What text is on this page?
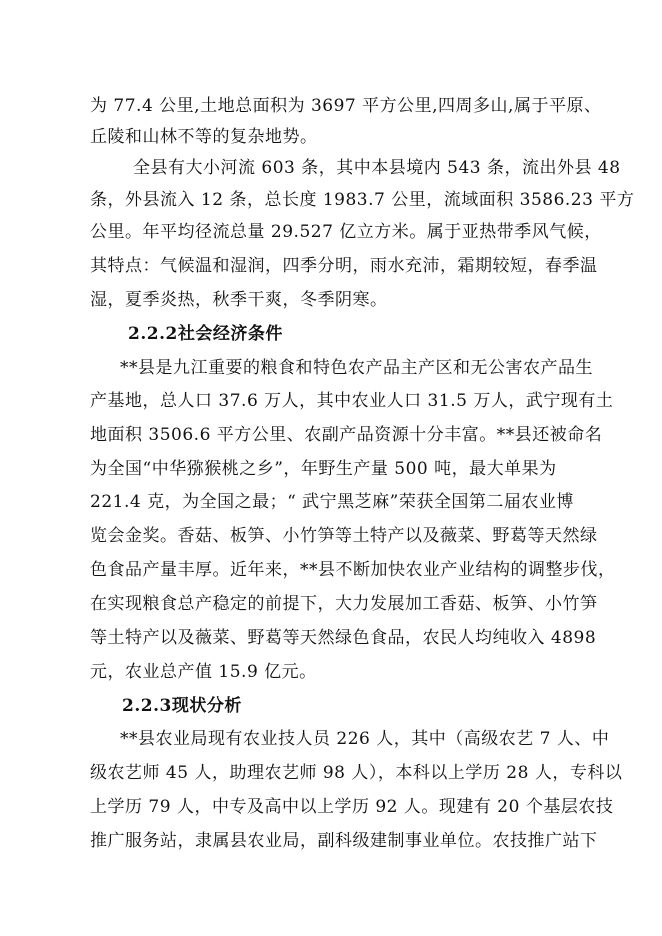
为 77.4 公里,土地总面积为 3697 平方公里,四周多山,属于平原、
丘陵和山林不等的复杂地势。
全县有大小河流 603 条，其中本县境内 543 条，流出外县 48
条，外县流入 12 条，总长度 1983.7 公里，流域面积 3586.23 平方
公里。年平均径流总量 29.527 亿立方米。属于亚热带季风气候，
其特点：气候温和湿润，四季分明，雨水充沛，霜期较短，春季温
湿，夏季炎热，秋季干爽，冬季阴寒。
2.2.2社会经济条件
**县是九江重要的粮食和特色农产品主产区和无公害农产品生
产基地，总人口 37.6 万人，其中农业人口 31.5 万人，武宁现有土
地面积 3506.6 平方公里、农副产品资源十分丰富。**县还被命名
为全国“中华猕猴桃之乡”，年野生产量 500 吨，最大单果为
221.4 克，为全国之最；“ 武宁黑芝麻”荣获全国第二届农业博
览会金奖。香菇、板笋、小竹笋等土特产以及薇菜、野葛等天然绿
色食品产量丰厚。近年来，**县不断加快农业产业结构的调整步伐，
在实现粮食总产稳定的前提下，大力发展加工香菇、板笋、小竹笋
等土特产以及薇菜、野葛等天然绿色食品，农民人均纯收入 4898
元，农业总产值 15.9 亿元。
2.2.3现状分析
**县农业局现有农业技人员 226 人，其中（高级农艺 7 人、中
级农艺师 45 人，助理农艺师 98 人），本科以上学历 28 人，专科以
上学历 79 人，中专及高中以上学历 92 人。现建有 20 个基层农技
推广服务站，隶属县农业局，副科级建制事业单位。农技推广站下
